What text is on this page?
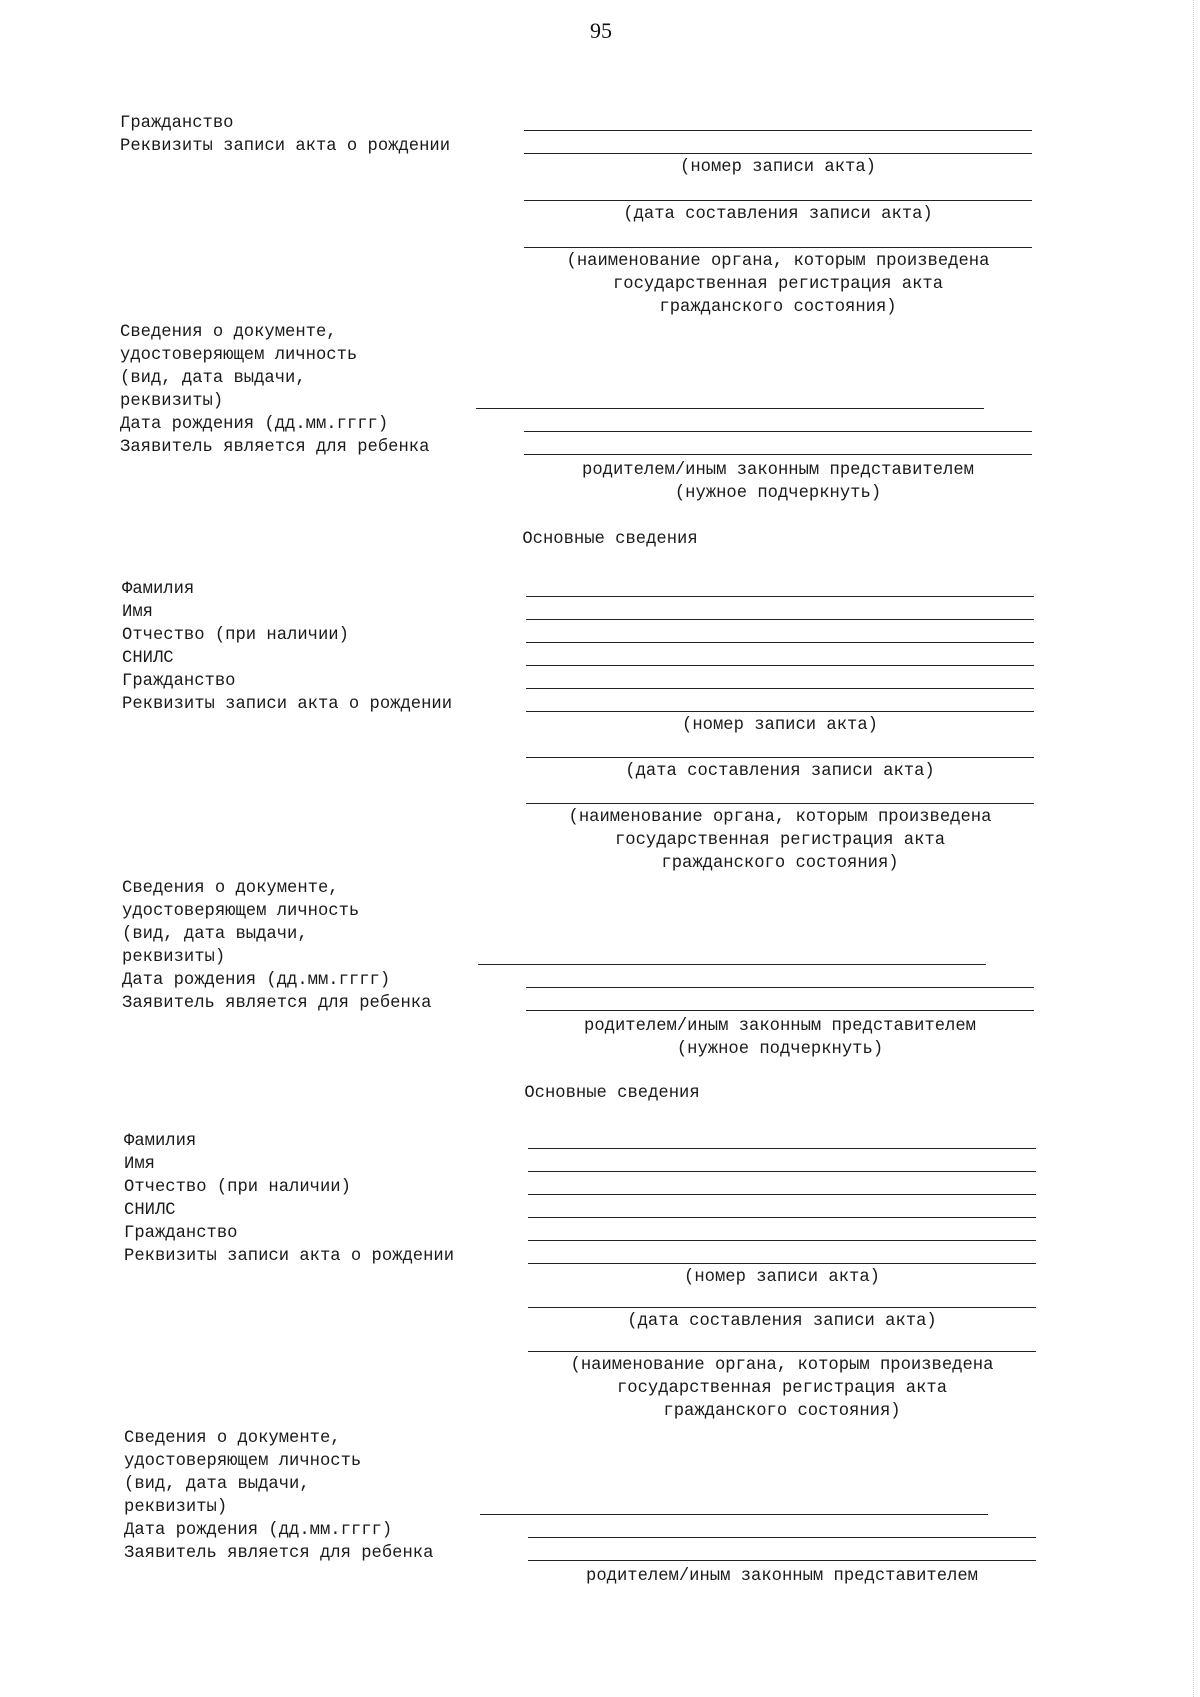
95
Гражданство
Реквизиты записи акта о рождении
(номер записи акта)
(дата составления записи акта)
(наименование органа, которым произведена
государственная регистрация акта
гражданского состояния)
Сведения о документе,
удостоверяющем личность
(вид, дата выдачи,
реквизиты)
Дата рождения (дд.мм.гггг)
Заявитель является для ребенка
родителем/иным законным представителем
(нужное подчеркнуть)
Основные сведения
Фамилия
Имя
Отчество (при наличии)
СНИЛС
Гражданство
Реквизиты записи акта о рождении
(номер записи акта)
(дата составления записи акта)
(наименование органа, которым произведена
государственная регистрация акта
гражданского состояния)
Сведения о документе,
удостоверяющем личность
(вид, дата выдачи,
реквизиты)
Дата рождения (дд.мм.гггг)
Заявитель является для ребенка
родителем/иным законным представителем
(нужное подчеркнуть)
Основные сведения
Фамилия
Имя
Отчество (при наличии)
СНИЛС
Гражданство
Реквизиты записи акта о рождении
(номер записи акта)
(дата составления записи акта)
(наименование органа, которым произведена
государственная регистрация акта
гражданского состояния)
Сведения о документе,
удостоверяющем личность
(вид, дата выдачи,
реквизиты)
Дата рождения (дд.мм.гггг)
Заявитель является для ребенка
родителем/иным законным представителем
